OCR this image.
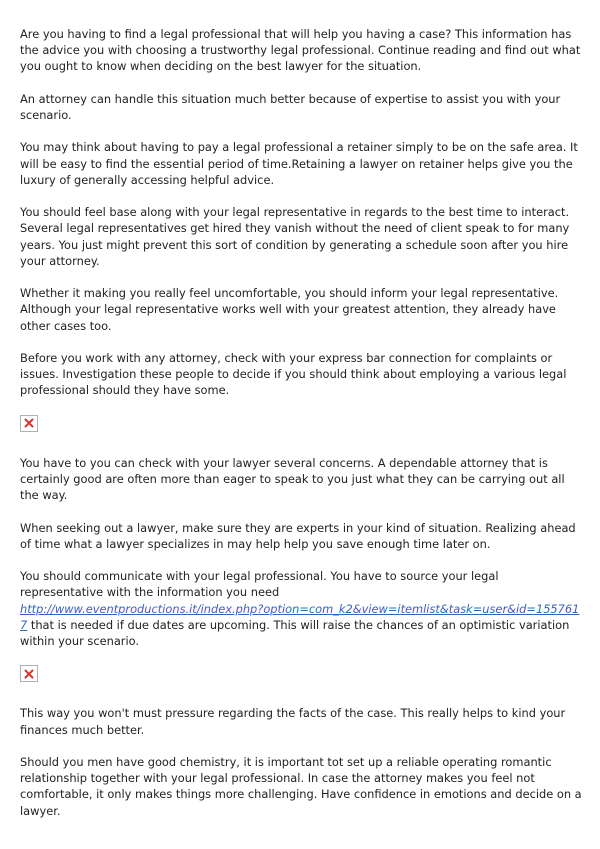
Are you having to find a legal professional that will help you having a case? This information has the advice you with choosing a trustworthy legal professional. Continue reading and find out what you ought to know when deciding on the best lawyer for the situation.

An attorney can handle this situation much better because of expertise to assist you with your scenario.

You may think about having to pay a legal professional a retainer simply to be on the safe area. It will be easy to find the essential period of time.Retaining a lawyer on retainer helps give you the luxury of generally accessing helpful advice.

You should feel base along with your legal representative in regards to the best time to interact. Several legal representatives get hired they vanish without the need of client speak to for many years. You just might prevent this sort of condition by generating a schedule soon after you hire your attorney.

Whether it making you really feel uncomfortable, you should inform your legal representative. Although your legal representative works well with your greatest attention, they already have other cases too.

Before you work with any attorney, check with your express bar connection for complaints or issues. Investigation these people to decide if you should think about employing a various legal professional should they have some.

You have to you can check with your lawyer several concerns. A dependable attorney that is certainly good are often more than eager to speak to you just what they can be carrying out all the way.

When seeking out a lawyer, make sure they are experts in your kind of situation. Realizing ahead of time what a lawyer specializes in may help help you save enough time later on.

You should communicate with your legal professional. You have to source your legal representative with the information you need
http://www.eventproductions.it/index.php?option=com_k2&view=itemlist&task=user&id=1557617 that is needed if due dates are upcoming. This will raise the chances of an optimistic variation within your scenario.

This way you won't must pressure regarding the facts of the case. This really helps to kind your finances much better.

Should you men have good chemistry, it is important tot set up a reliable operating romantic relationship together with your legal professional. In case the attorney makes you feel not comfortable, it only makes things more challenging. Have confidence in emotions and decide on a lawyer.
